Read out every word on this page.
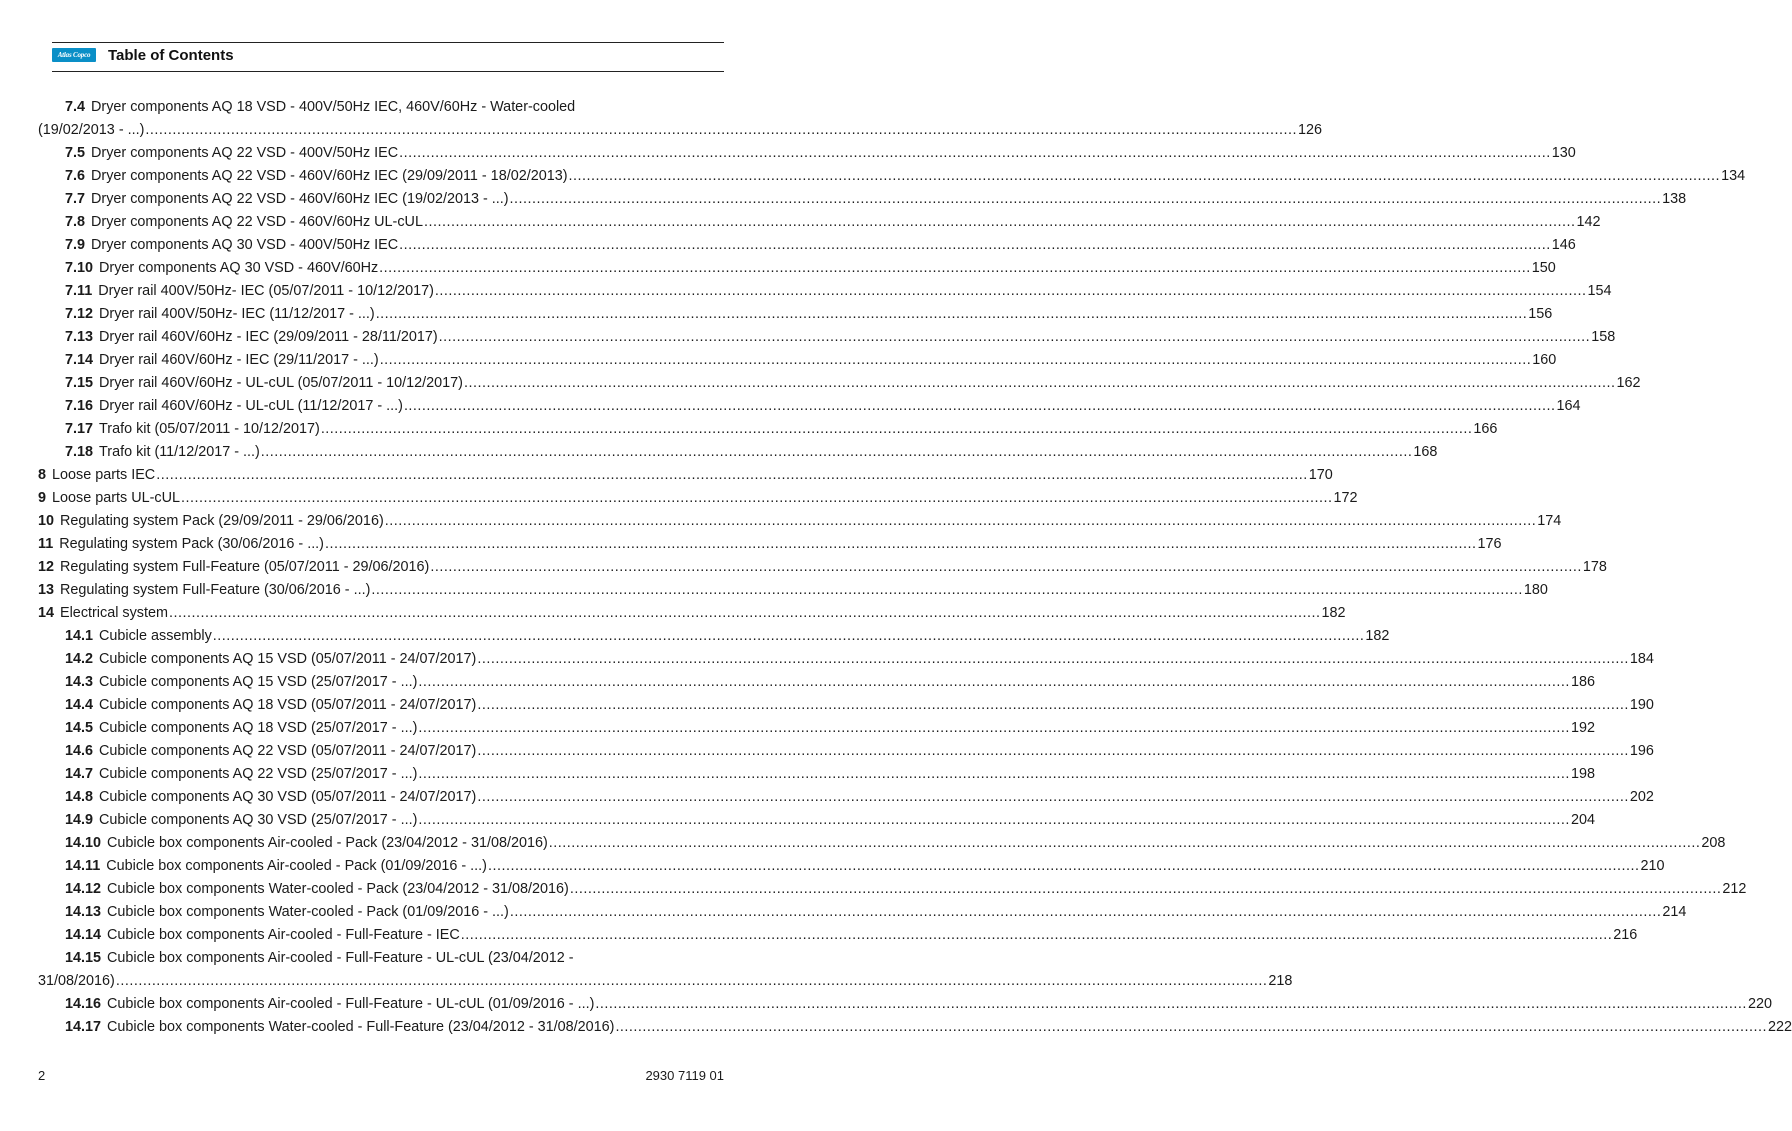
Atlas Copco Table of Contents
7.4 Dryer components AQ 18 VSD - 400V/50Hz IEC, 460V/60Hz - Water-cooled
(19/02/2013 - ...) .....	126
7.5 Dryer components AQ 22 VSD - 400V/50Hz IEC .....	130
7.6 Dryer components AQ 22 VSD - 460V/60Hz IEC (29/09/2011 - 18/02/2013) .....	134
7.7 Dryer components AQ 22 VSD - 460V/60Hz IEC (19/02/2013 - ...) .....	138
7.8 Dryer components AQ 22 VSD - 460V/60Hz UL-cUL .....	142
7.9 Dryer components AQ 30 VSD - 400V/50Hz IEC .....	146
7.10 Dryer components AQ 30 VSD - 460V/60Hz .....	150
7.11 Dryer rail 400V/50Hz- IEC (05/07/2011 - 10/12/2017) .....	154
7.12 Dryer rail 400V/50Hz- IEC (11/12/2017 - ...) .....	156
7.13 Dryer rail 460V/60Hz - IEC (29/09/2011 - 28/11/2017) .....	158
7.14 Dryer rail 460V/60Hz - IEC (29/11/2017 - ...) .....	160
7.15 Dryer rail 460V/60Hz - UL-cUL (05/07/2011 - 10/12/2017) .....	162
7.16 Dryer rail 460V/60Hz - UL-cUL (11/12/2017 - ...) .....	164
7.17 Trafo kit (05/07/2011 - 10/12/2017) .....	166
7.18 Trafo kit (11/12/2017 - ...) .....	168
8 Loose parts IEC .....	170
9 Loose parts UL-cUL .....	172
10 Regulating system Pack (29/09/2011 - 29/06/2016) .....	174
11 Regulating system Pack (30/06/2016 - ...) .....	176
12 Regulating system Full-Feature (05/07/2011 - 29/06/2016) .....	178
13 Regulating system Full-Feature (30/06/2016 - ...) .....	180
14 Electrical system .....	182
14.1 Cubicle assembly .....	182
14.2 Cubicle components AQ 15 VSD (05/07/2011 - 24/07/2017) .....	184
14.3 Cubicle components AQ 15 VSD (25/07/2017 - ...) .....	186
14.4 Cubicle components AQ 18 VSD (05/07/2011 - 24/07/2017) .....	190
14.5 Cubicle components AQ 18 VSD (25/07/2017 - ...) .....	192
14.6 Cubicle components AQ 22 VSD (05/07/2011 - 24/07/2017) .....	196
14.7 Cubicle components AQ 22 VSD (25/07/2017 - ...) .....	198
14.8 Cubicle components AQ 30 VSD (05/07/2011 - 24/07/2017) .....	202
14.9 Cubicle components AQ 30 VSD (25/07/2017 - ...) .....	204
14.10 Cubicle box components Air-cooled - Pack (23/04/2012 - 31/08/2016) .....	208
14.11 Cubicle box components Air-cooled - Pack (01/09/2016 - ...) .....	210
14.12 Cubicle box components Water-cooled - Pack (23/04/2012 - 31/08/2016) .....	212
14.13 Cubicle box components Water-cooled - Pack (01/09/2016 - ...) .....	214
14.14 Cubicle box components Air-cooled - Full-Feature - IEC .....	216
14.15 Cubicle box components Air-cooled - Full-Feature - UL-cUL (23/04/2012 -
31/08/2016) .....	218
14.16 Cubicle box components Air-cooled - Full-Feature - UL-cUL (01/09/2016 - ...) .....	220
14.17 Cubicle box components Water-cooled - Full-Feature (23/04/2012 - 31/08/2016) .....	222
2	2930 7119 01
